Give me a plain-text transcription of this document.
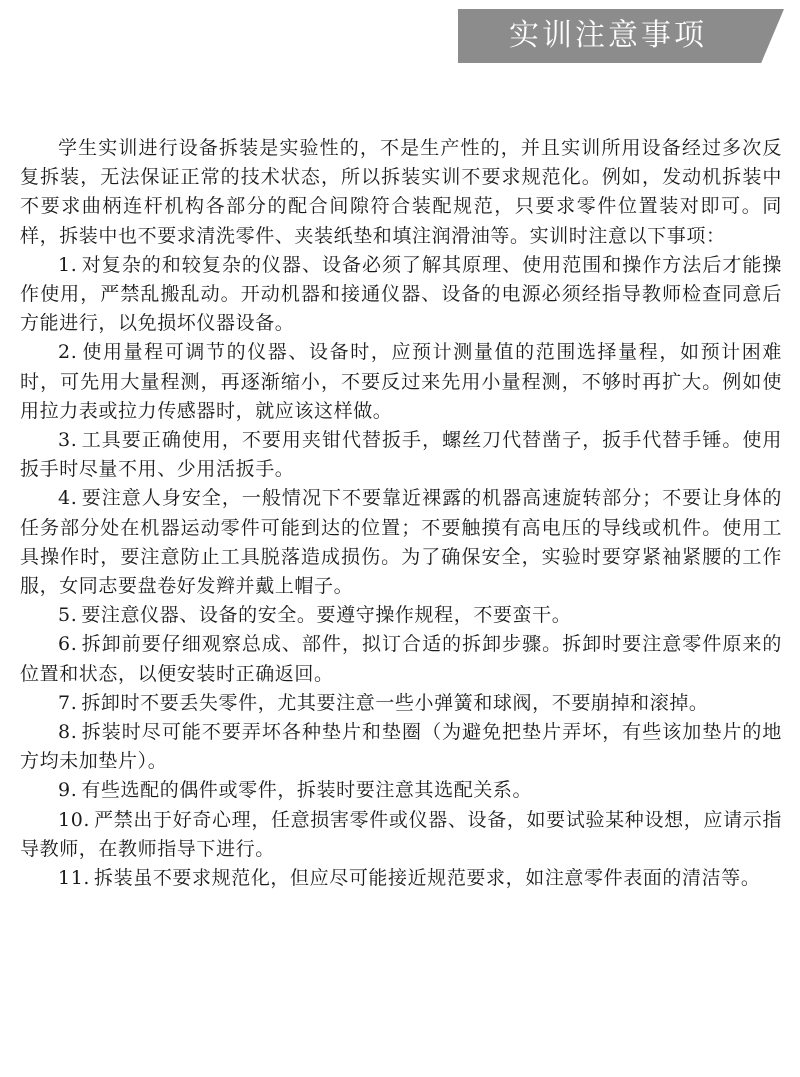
实训注意事项

学生实训进行设备拆装是实验性的，不是生产性的，并且实训所用设备经过多次反复拆装，无法保证正常的技术状态，所以拆装实训不要求规范化。例如，发动机拆装中不要求曲柄连杆机构各部分的配合间隙符合装配规范，只要求零件位置装对即可。同样，拆装中也不要求清洗零件、夹装纸垫和填注润滑油等。实训时注意以下事项：

1. 对复杂的和较复杂的仪器、设备必须了解其原理、使用范围和操作方法后才能操作使用，严禁乱搬乱动。开动机器和接通仪器、设备的电源必须经指导教师检查同意后方能进行，以免损坏仪器设备。

2. 使用量程可调节的仪器、设备时，应预计测量值的范围选择量程，如预计困难时，可先用大量程测，再逐渐缩小，不要反过来先用小量程测，不够时再扩大。例如使用拉力表或拉力传感器时，就应该这样做。

3. 工具要正确使用，不要用夹钳代替扳手，螺丝刀代替凿子，扳手代替手锤。使用扳手时尽量不用、少用活扳手。

4. 要注意人身安全，一般情况下不要靠近裸露的机器高速旋转部分；不要让身体的任务部分处在机器运动零件可能到达的位置；不要触摸有高电压的导线或机件。使用工具操作时，要注意防止工具脱落造成损伤。为了确保安全，实验时要穿紧袖紧腰的工作服，女同志要盘卷好发辫并戴上帽子。

5. 要注意仪器、设备的安全。要遵守操作规程，不要蛮干。

6. 拆卸前要仔细观察总成、部件，拟订合适的拆卸步骤。拆卸时要注意零件原来的位置和状态，以便安装时正确返回。

7. 拆卸时不要丢失零件，尤其要注意一些小弹簧和球阀，不要崩掉和滚掉。

8. 拆装时尽可能不要弄坏各种垫片和垫圈（为避免把垫片弄坏，有些该加垫片的地方均未加垫片）。

9. 有些选配的偶件或零件，拆装时要注意其选配关系。

10. 严禁出于好奇心理，任意损害零件或仪器、设备，如要试验某种设想，应请示指导教师，在教师指导下进行。

11. 拆装虽不要求规范化，但应尽可能接近规范要求，如注意零件表面的清洁等。
